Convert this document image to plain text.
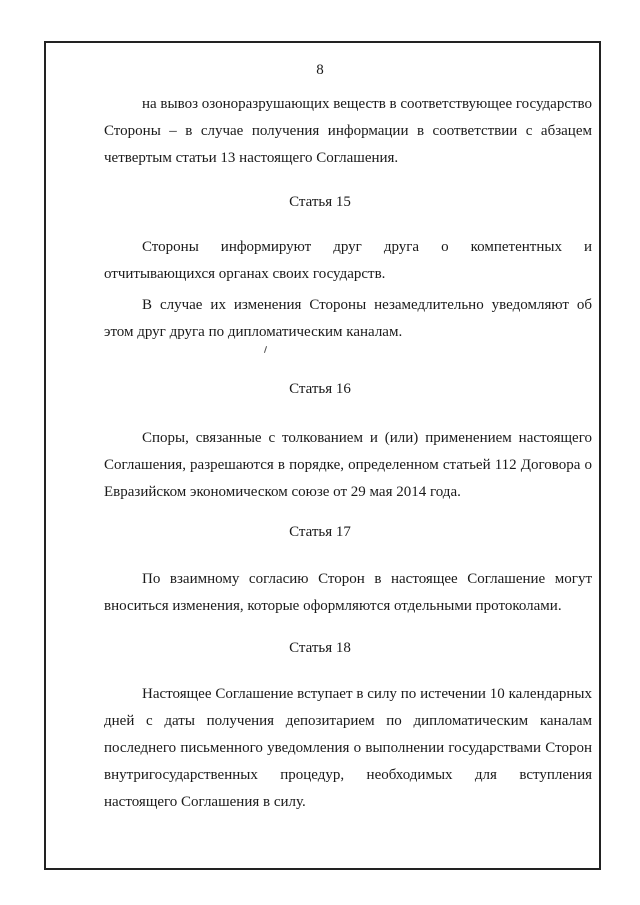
8

на вывоз озоноразрушающих веществ в соответствующее государство Стороны – в случае получения информации в соответствии с абзацем четвертым статьи 13 настоящего Соглашения.

Статья 15

Стороны информируют друг друга о компетентных и отчитывающихся органах своих государств.

В случае их изменения Стороны незамедлительно уведомляют об этом друг друга по дипломатическим каналам.

Статья 16

Споры, связанные с толкованием и (или) применением настоящего Соглашения, разрешаются в порядке, определенном статьей 112 Договора о Евразийском экономическом союзе от 29 мая 2014 года.

Статья 17

По взаимному согласию Сторон в настоящее Соглашение могут вноситься изменения, которые оформляются отдельными протоколами.

Статья 18

Настоящее Соглашение вступает в силу по истечении 10 календарных дней с даты получения депозитарием по дипломатическим каналам последнего письменного уведомления о выполнении государствами Сторон внутригосударственных процедур, необходимых для вступления настоящего Соглашения в силу.
